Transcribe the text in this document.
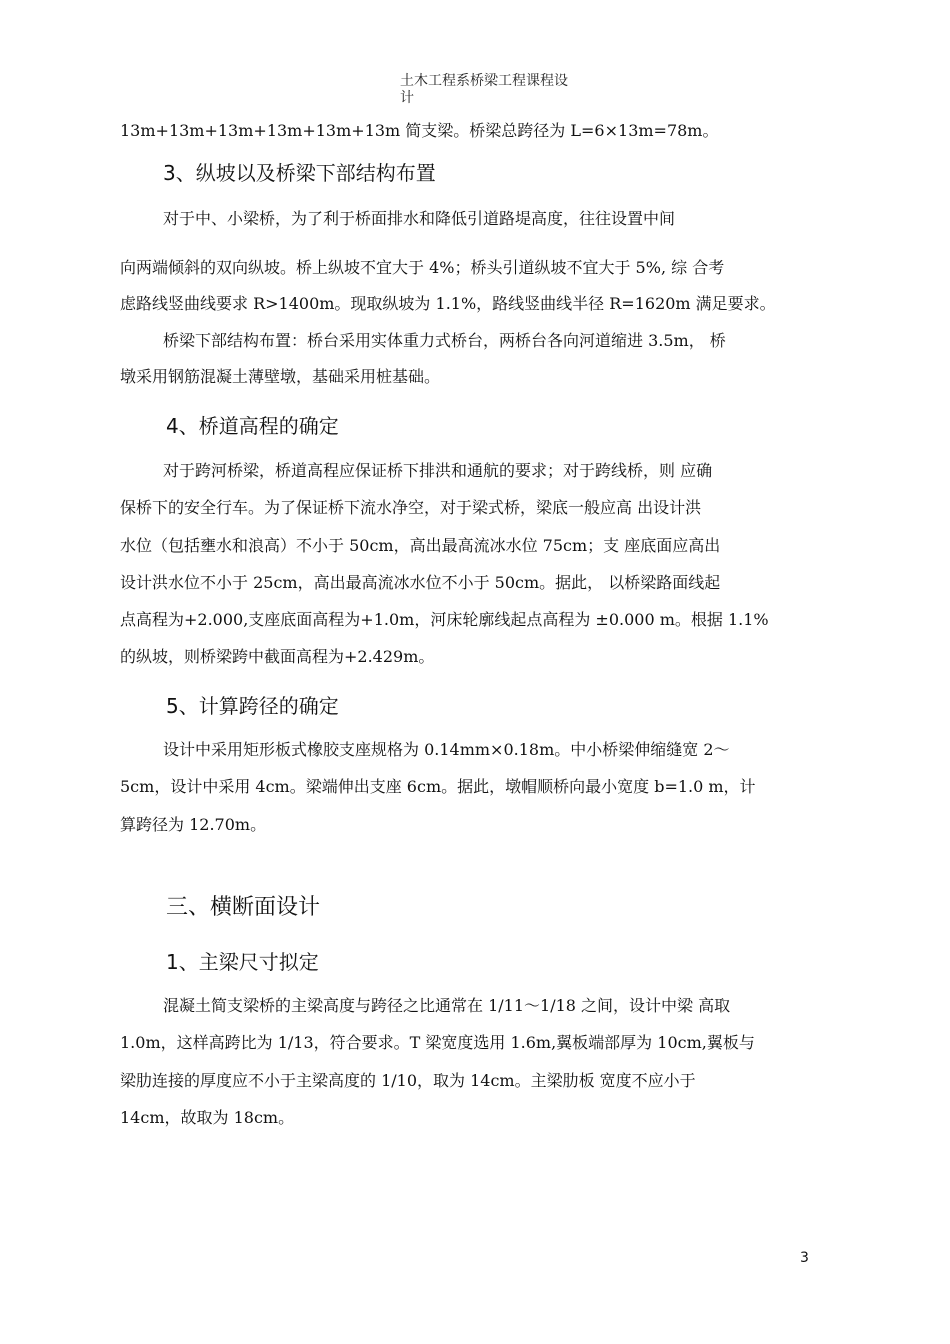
土木工程系桥梁工程课程设
计
13m+13m+13m+13m+13m+13m 简支梁。桥梁总跨径为 L=6×13m=78m。
3、纵坡以及桥梁下部结构布置
对于中、小梁桥，为了利于桥面排水和降低引道路堤高度，往往设置中间
向两端倾斜的双向纵坡。桥上纵坡不宜大于 4%；桥头引道纵坡不宜大于 5%, 综 合考
虑路线竖曲线要求 R>1400m。现取纵坡为 1.1%，路线竖曲线半径 R=1620m 满足要求。
桥梁下部结构布置：桥台采用实体重力式桥台，两桥台各向河道缩进 3.5m， 桥
墩采用钢筋混凝土薄壁墩，基础采用桩基础。
4、桥道高程的确定
对于跨河桥梁，桥道高程应保证桥下排洪和通航的要求；对于跨线桥，则 应确
保桥下的安全行车。为了保证桥下流水净空，对于梁式桥，梁底一般应高 出设计洪
水位（包括壅水和浪高）不小于 50cm，高出最高流冰水位 75cm；支 座底面应高出
设计洪水位不小于 25cm，高出最高流冰水位不小于 50cm。据此， 以桥梁路面线起
点高程为+2.000,支座底面高程为+1.0m，河床轮廓线起点高程为 ±0.000 m。根据 1.1%
的纵坡，则桥梁跨中截面高程为+2.429m。
5、计算跨径的确定
设计中采用矩形板式橡胶支座规格为 0.14mm×0.18m。中小桥梁伸缩缝宽 2～
5cm，设计中采用 4cm。梁端伸出支座 6cm。据此，墩帽顺桥向最小宽度 b=1.0 m，计
算跨径为 12.70m。
三、横断面设计
1、主梁尺寸拟定
混凝土简支梁桥的主梁高度与跨径之比通常在 1/11～1/18 之间，设计中梁 高取
1.0m，这样高跨比为 1/13，符合要求。T 梁宽度选用 1.6m,翼板端部厚为 10cm,翼板与
梁肋连接的厚度应不小于主梁高度的 1/10，取为 14cm。主梁肋板 宽度不应小于
14cm，故取为 18cm。
3
